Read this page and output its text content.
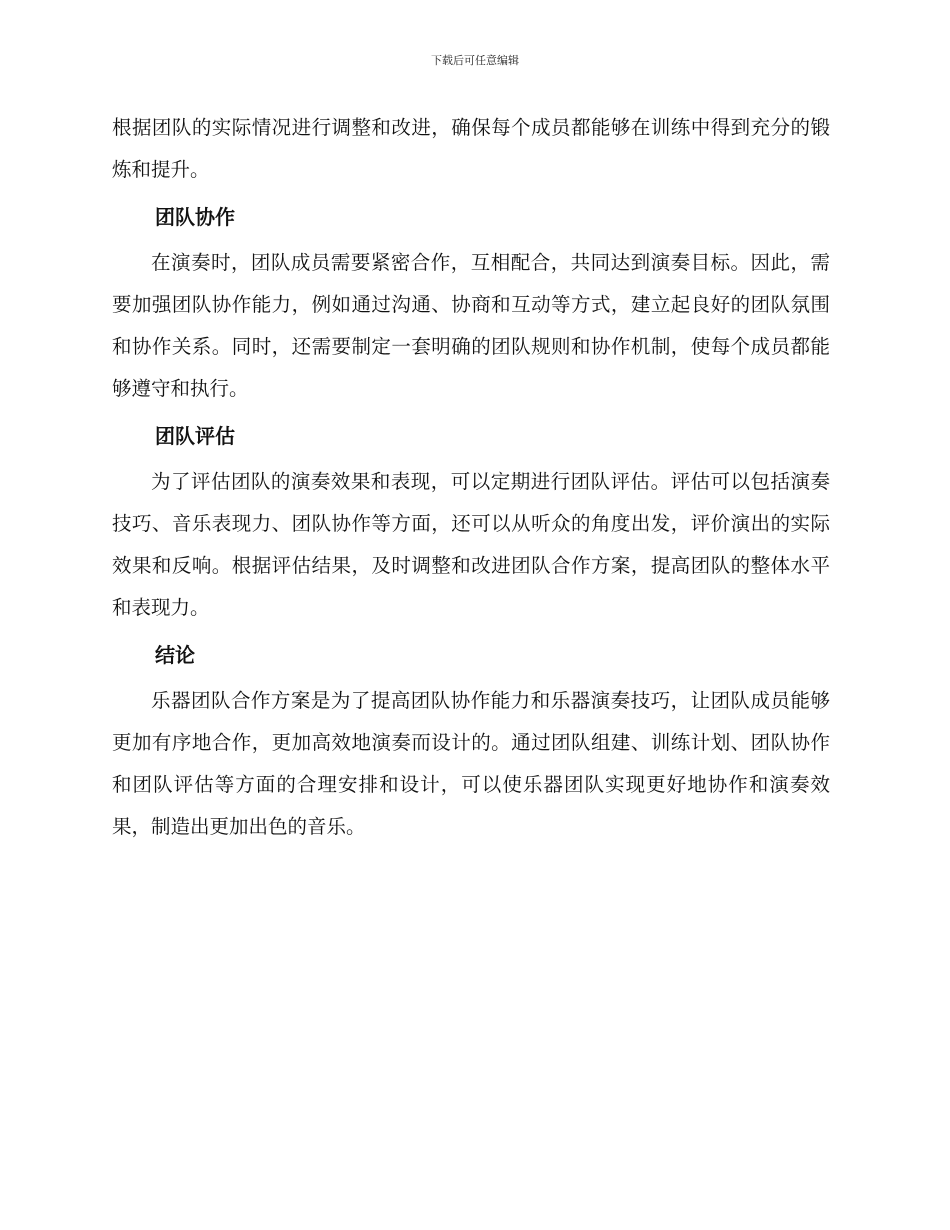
下载后可任意编辑

根据团队的实际情况进行调整和改进，确保每个成员都能够在训练中得到充分的锻炼和提升。

团队协作

在演奏时，团队成员需要紧密合作，互相配合，共同达到演奏目标。因此，需要加强团队协作能力，例如通过沟通、协商和互动等方式，建立起良好的团队氛围和协作关系。同时，还需要制定一套明确的团队规则和协作机制，使每个成员都能够遵守和执行。

团队评估

为了评估团队的演奏效果和表现，可以定期进行团队评估。评估可以包括演奏技巧、音乐表现力、团队协作等方面，还可以从听众的角度出发，评价演出的实际效果和反响。根据评估结果，及时调整和改进团队合作方案，提高团队的整体水平和表现力。

结论

乐器团队合作方案是为了提高团队协作能力和乐器演奏技巧，让团队成员能够更加有序地合作，更加高效地演奏而设计的。通过团队组建、训练计划、团队协作和团队评估等方面的合理安排和设计，可以使乐器团队实现更好地协作和演奏效果，制造出更加出色的音乐。
